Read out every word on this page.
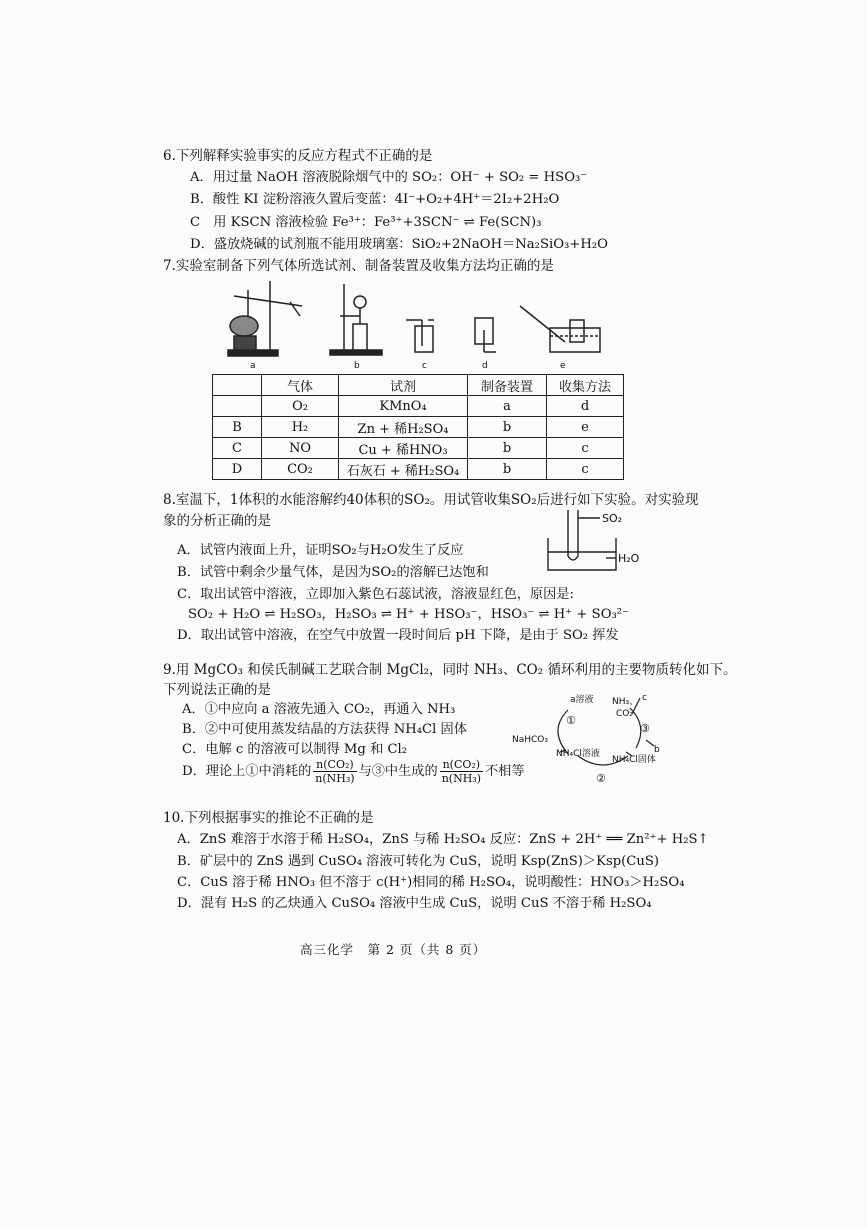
6.下列解释实验事实的反应方程式不正确的是
A．用过量 NaOH 溶液脱除烟气中的 SO₂：OH⁻ + SO₂ = HSO₃⁻
B．酸性 KI 淀粉溶液久置后变蓝：4I⁻+O₂+4H⁺＝2I₂+2H₂O
C　用 KSCN 溶液检验 Fe³⁺：Fe³⁺+3SCN⁻ ⇌ Fe(SCN)₃
D．盛放烧碱的试剂瓶不能用玻璃塞：SiO₂+2NaOH＝Na₂SiO₃+H₂O
7.实验室制备下列气体所选试剂、制备装置及收集方法均正确的是
a	b	c	d	e
	气体	试剂	制备装置	收集方法
	O₂	KMnO₄	a	d
B	H₂	Zn + 稀H₂SO₄	b	e
C	NO	Cu + 稀HNO₃	b	c
D	CO₂	石灰石 + 稀H₂SO₄	b	c
8.室温下，1体积的水能溶解约40体积的SO₂。用试管收集SO₂后进行如下实验。对实验现
象的分析正确的是	SO₂
H₂O
A．试管内液面上升，证明SO₂与H₂O发生了反应
B．试管中剩余少量气体，是因为SO₂的溶解已达饱和
C．取出试管中溶液，立即加入紫色石蕊试液，溶液显红色，原因是:
SO₂ + H₂O ⇌ H₂SO₃，H₂SO₃ ⇌ H⁺ + HSO₃⁻，HSO₃⁻ ⇌ H⁺ + SO₃²⁻
D．取出试管中溶液，在空气中放置一段时间后 pH 下降，是由于 SO₂ 挥发
9.用 MgCO₃ 和侯氏制碱工艺联合制 MgCl₂，同时 NH₃、CO₂ 循环利用的主要物质转化如下。
下列说法正确的是
A．①中应向 a 溶液先通入 CO₂，再通入 NH₃
B．②中可使用蒸发结晶的方法获得 NH₄Cl 固体
C．电解 c 的溶液可以制得 Mg 和 Cl₂
D．理论上①中消耗的 $\frac{\text{n(CO₂)}}{\text{n(NH₃)}}$ 与③中生成的 $\frac{\text{n(CO₂)}}{\text{n(NH₃)}}$ 不相等
a溶液 NH₃、
CO₂
c
b
NaHCO₃
NH₄Cl溶液
NH₄Cl固体
①
②
③
10.下列根据事实的推论不正确的是
A．ZnS 难溶于水溶于稀 H₂SO₄，ZnS 与稀 H₂SO₄ 反应：ZnS + 2H⁺ ══ Zn²⁺+ H₂S↑
B．矿层中的 ZnS 遇到 CuSO₄ 溶液可转化为 CuS，说明 Ksp(ZnS)＞Ksp(CuS)
C．CuS 溶于稀 HNO₃ 但不溶于 c(H⁺)相同的稀 H₂SO₄，说明酸性：HNO₃＞H₂SO₄
D．混有 H₂S 的乙炔通入 CuSO₄ 溶液中生成 CuS，说明 CuS 不溶于稀 H₂SO₄
高三化学　第 2 页（共 8 页）
